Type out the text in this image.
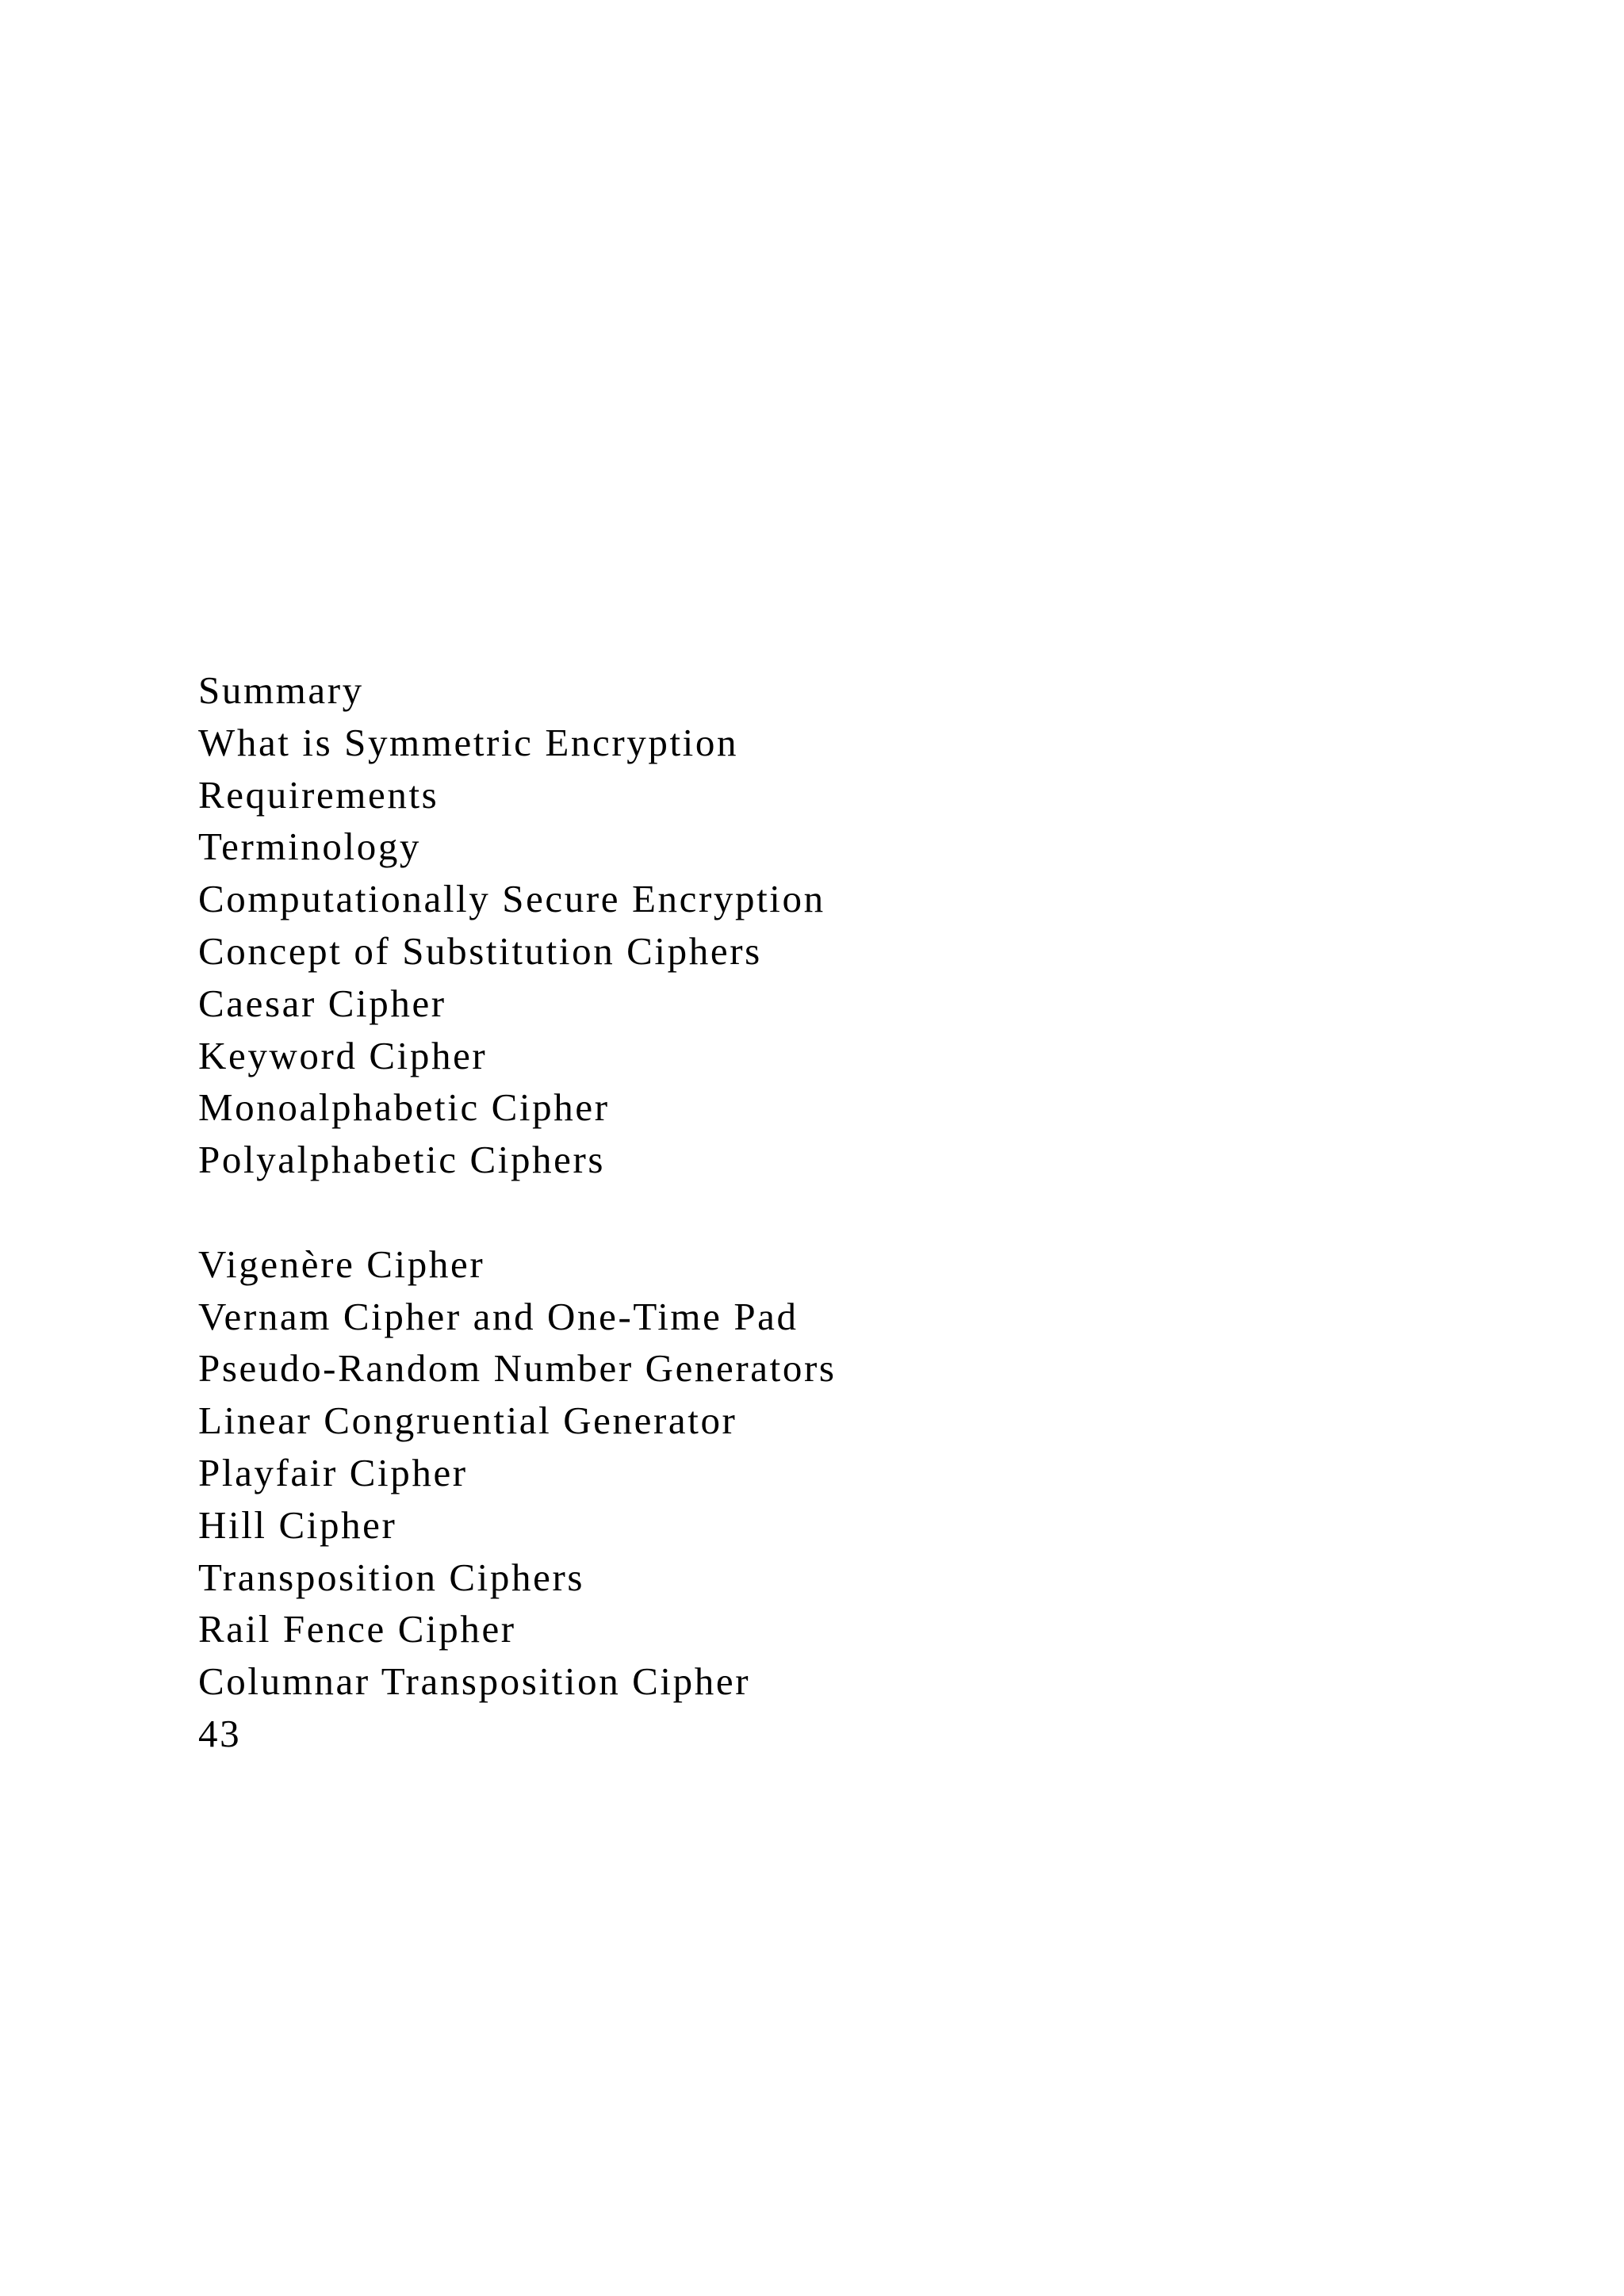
Summary
What is Symmetric Encryption
Requirements
Terminology
Computationally Secure Encryption
Concept of Substitution Ciphers
Caesar Cipher
Keyword Cipher
Monoalphabetic Cipher
Polyalphabetic Ciphers
Vigenère Cipher
Vernam Cipher and One-Time Pad
Pseudo-Random Number Generators
Linear Congruential Generator
Playfair Cipher
Hill Cipher
Transposition Ciphers
Rail Fence Cipher
Columnar Transposition Cipher
43
